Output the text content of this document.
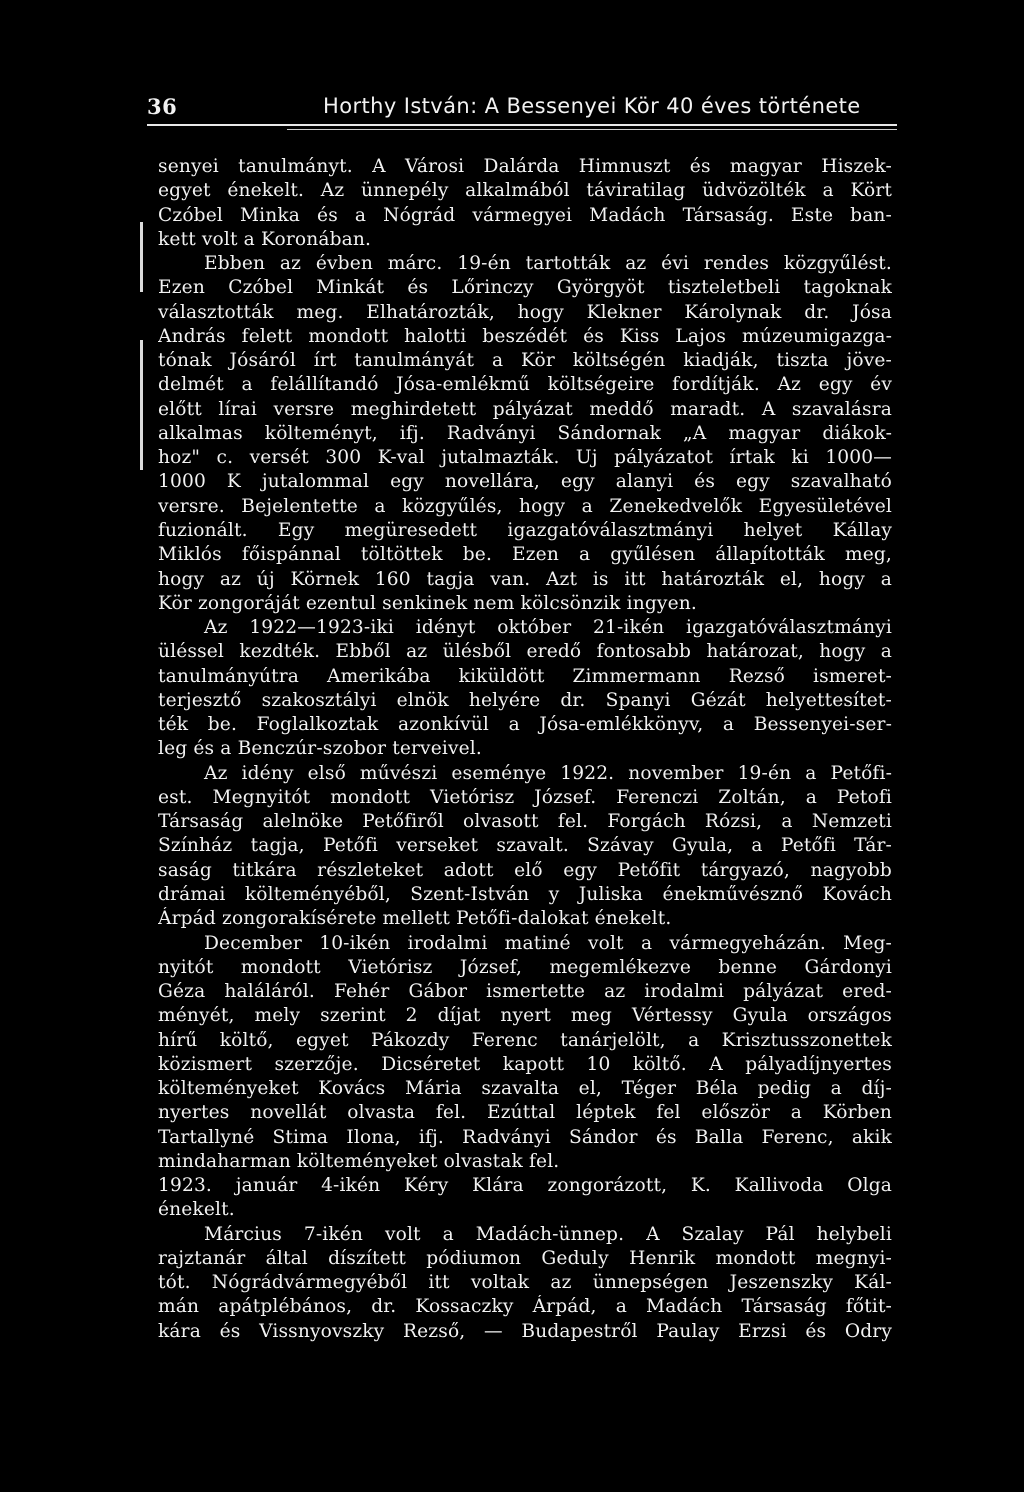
36	Horthy István: A Bessenyei Kör 40 éves története
senyei tanulmányt. A Városi Dalárda Himnuszt és magyar Hiszek-
egyet énekelt. Az ünnepély alkalmából táviratilag üdvözölték a Kört
Czóbel Minka és a Nógrád vármegyei Madách Társaság. Este ban-
kett volt a Koronában.
Ebben az évben márc. 19-én tartották az évi rendes közgyűlést.
Ezen Czóbel Minkát és Lőrinczy Györgyöt tiszteletbeli tagoknak
választották meg. Elhatározták, hogy Klekner Károlynak dr. Jósa
András felett mondott halotti beszédét és Kiss Lajos múzeumigazga-
tónak Jósáról írt tanulmányát a Kör költségén kiadják, tiszta jöve-
delmét a felállítandó Jósa-emlékmű költségeire fordítják. Az egy év
előtt lírai versre meghirdetett pályázat meddő maradt. A szavalásra
alkalmas költeményt, ifj. Radványi Sándornak „A magyar diákok-
hoz" c. versét 300 K-val jutalmazták. Uj pályázatot írtak ki 1000—
1000 K jutalommal egy novellára, egy alanyi és egy szavalható
versre. Bejelentette a közgyűlés, hogy a Zenekedvelők Egyesületével
fuzionált. Egy megüresedett igazgatóválasztmányi helyet Kállay
Miklós főispánnal töltöttek be. Ezen a gyűlésen állapították meg,
hogy az új Körnek 160 tagja van. Azt is itt határozták el, hogy a
Kör zongoráját ezentul senkinek nem kölcsönzik ingyen.
Az 1922—1923-iki idényt október 21-ikén igazgatóválasztmányi
üléssel kezdték. Ebből az ülésből eredő fontosabb határozat, hogy a
tanulmányútra Amerikába kiküldött Zimmermann Rezső ismeret-
terjesztő szakosztályi elnök helyére dr. Spanyi Gézát helyettesítet-
ték be. Foglalkoztak azonkívül a Jósa-emlékkönyv, a Bessenyei-ser-
leg és a Benczúr-szobor terveivel.
Az idény első művészi eseménye 1922. november 19-én a Petőfi-
est. Megnyitót mondott Vietórisz József. Ferenczi Zoltán, a Petofi
Társaság alelnöke Petőfiről olvasott fel. Forgách Rózsi, a Nemzeti
Színház tagja, Petőfi verseket szavalt. Szávay Gyula, a Petőfi Tár-
saság titkára részleteket adott elő egy Petőfit tárgyazó, nagyobb
drámai költeményéből, Szent-István y Juliska énekművésznő Kovách
Árpád zongorakísérete mellett Petőfi-dalokat énekelt.
December 10-ikén irodalmi matiné volt a vármegyeházán. Meg-
nyitót mondott Vietórisz József, megemlékezve benne Gárdonyi
Géza haláláról. Fehér Gábor ismertette az irodalmi pályázat ered-
ményét, mely szerint 2 díjat nyert meg Vértessy Gyula országos
hírű költő, egyet Pákozdy Ferenc tanárjelölt, a Krisztusszonettek
közismert szerzője. Dicséretet kapott 10 költő. A pályadíjnyertes
költeményeket Kovács Mária szavalta el, Téger Béla pedig a díj-
nyertes novellát olvasta fel. Ezúttal léptek fel először a Körben
Tartallyné Stima Ilona, ifj. Radványi Sándor és Balla Ferenc, akik
mindaharman költeményeket olvastak fel.
1923. január 4-ikén Kéry Klára zongorázott, K. Kallivoda Olga
énekelt.
Március 7-ikén volt a Madách-ünnep. A Szalay Pál helybeli
rajztanár által díszített pódiumon Gedulу Henrik mondott megnyi-
tót. Nógrádvármegyéből itt voltak az ünnepségen Jeszenszky Kál-
mán apátplébános, dr. Kossaczky Árpád, a Madách Társaság főtit-
kára és Vissnyovszky Rezső, — Budapestről Paulay Erzsi és Odry
